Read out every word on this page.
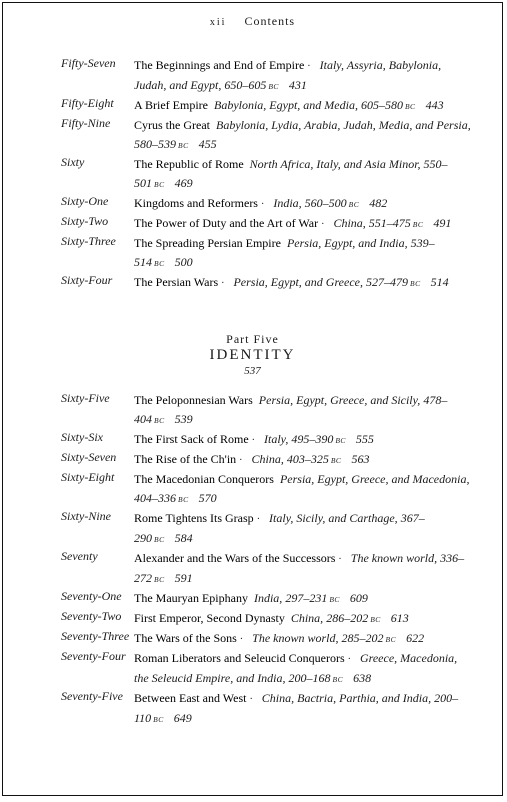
xii Contents
Fifty-Seven The Beginnings and End of Empire · Italy, Assyria, Babylonia, Judah, and Egypt, 650–605 BC 431
Fifty-Eight A Brief Empire Babylonia, Egypt, and Media, 605–580 BC 443
Fifty-Nine Cyrus the Great Babylonia, Lydia, Arabia, Judah, Media, and Persia, 580–539 BC 455
Sixty	The Republic of Rome North Africa, Italy, and Asia Minor, 550–501 BC 469
Sixty-One Kingdoms and Reformers · India, 560–500 BC 482
Sixty-Two The Power of Duty and the Art of War · China, 551–475 BC 491
Sixty-Three The Spreading Persian Empire Persia, Egypt, and India, 539–514 BC 500
Sixty-Four The Persian Wars · Persia, Egypt, and Greece, 527–479 BC 514
Part Five
IDENTITY
537
Sixty-Five The Peloponnesian Wars Persia, Egypt, Greece, and Sicily, 478–404 BC 539
Sixty-Six	The First Sack of Rome · Italy, 495–390 BC 555
Sixty-Seven The Rise of the Ch'in · China, 403–325 BC 563
Sixty-Eight The Macedonian Conquerors Persia, Egypt, Greece, and Macedonia, 404–336 BC 570
Sixty-Nine Rome Tightens Its Grasp · Italy, Sicily, and Carthage, 367–290 BC 584
Seventy	Alexander and the Wars of the Successors · The known world, 336–272 BC 591
Seventy-One The Mauryan Epiphany India, 297–231 BC 609
Seventy-Two First Emperor, Second Dynasty China, 286–202 BC 613
Seventy-Three The Wars of the Sons · The known world, 285–202 BC 622
Seventy-Four Roman Liberators and Seleucid Conquerors · Greece, Macedonia, the Seleucid Empire, and India, 200–168 BC 638
Seventy-Five Between East and West · China, Bactria, Parthia, and India, 200–110 BC 649
